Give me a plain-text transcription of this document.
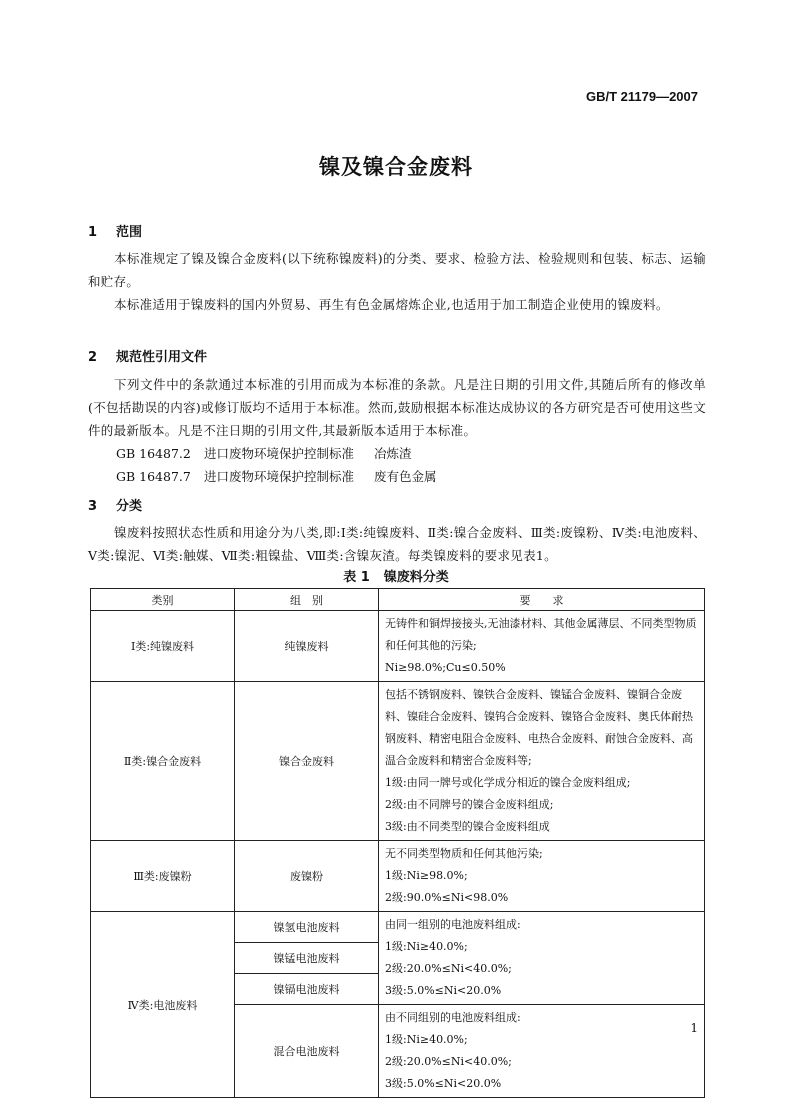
GB/T 21179—2007
镍及镍合金废料
1 范围

本标准规定了镍及镍合金废料(以下统称镍废料)的分类、要求、检验方法、检验规则和包装、标志、运输和贮存。

本标准适用于镍废料的国内外贸易、再生有色金属熔炼企业,也适用于加工制造企业使用的镍废料。

2 规范性引用文件

下列文件中的条款通过本标准的引用而成为本标准的条款。凡是注日期的引用文件,其随后所有的修改单(不包括勘误的内容)或修订版均不适用于本标准。然而,鼓励根据本标准达成协议的各方研究是否可使用这些文件的最新版本。凡是不注日期的引用文件,其最新版本适用于本标准。

GB 16487.2 进口废物环境保护控制标准 冶炼渣
GB 16487.7 进口废物环境保护控制标准 废有色金属
3 分类

镍废料按照状态性质和用途分为八类,即:Ⅰ类:纯镍废料、Ⅱ类:镍合金废料、Ⅲ类:废镍粉、Ⅳ类:电池废料、Ⅴ类:镍泥、Ⅵ类:触媒、Ⅶ类:粗镍盐、Ⅷ类:含镍灰渣。每类镍废料的要求见表1。

表 1 镍废料分类
类别	组　别	要　　求
Ⅰ类:纯镍废料	纯镍废料	无铸件和铜焊接接头,无油漆材料、其他金属薄层、不同类型物质和任何其他的污染;
Ni≥98.0%;Cu≤0.50%

Ⅱ类:镍合金废料	镍合金废料	包括不锈钢废料、镍铁合金废料、镍锰合金废料、镍铜合金废料、镍硅合金废料、镍钨合金废料、镍铬合金废料、奥氏体耐热钢废料、精密电阻合金废料、电热合金废料、耐蚀合金废料、高温合金废料和精密合金废料等;
1级:由同一牌号或化学成分相近的镍合金废料组成;
2级:由不同牌号的镍合金废料组成;
3级:由不同类型的镍合金废料组成

Ⅲ类:废镍粉	废镍粉	无不同类型物质和任何其他污染;
1级:Ni≥98.0%;
2级:90.0%≤Ni<98.0%

Ⅳ类:电池废料	镍氢电池废料	由同一组别的电池废料组成:
1级:Ni≥40.0%;
2级:20.0%≤Ni<40.0%;
3级:5.0%≤Ni<20.0%

	镍锰电池废料	
	镍镉电池废料	
	混合电池废料	由不同组别的电池废料组成:
1级:Ni≥40.0%;
2级:20.0%≤Ni<40.0%;
3级:5.0%≤Ni<20.0%
1
